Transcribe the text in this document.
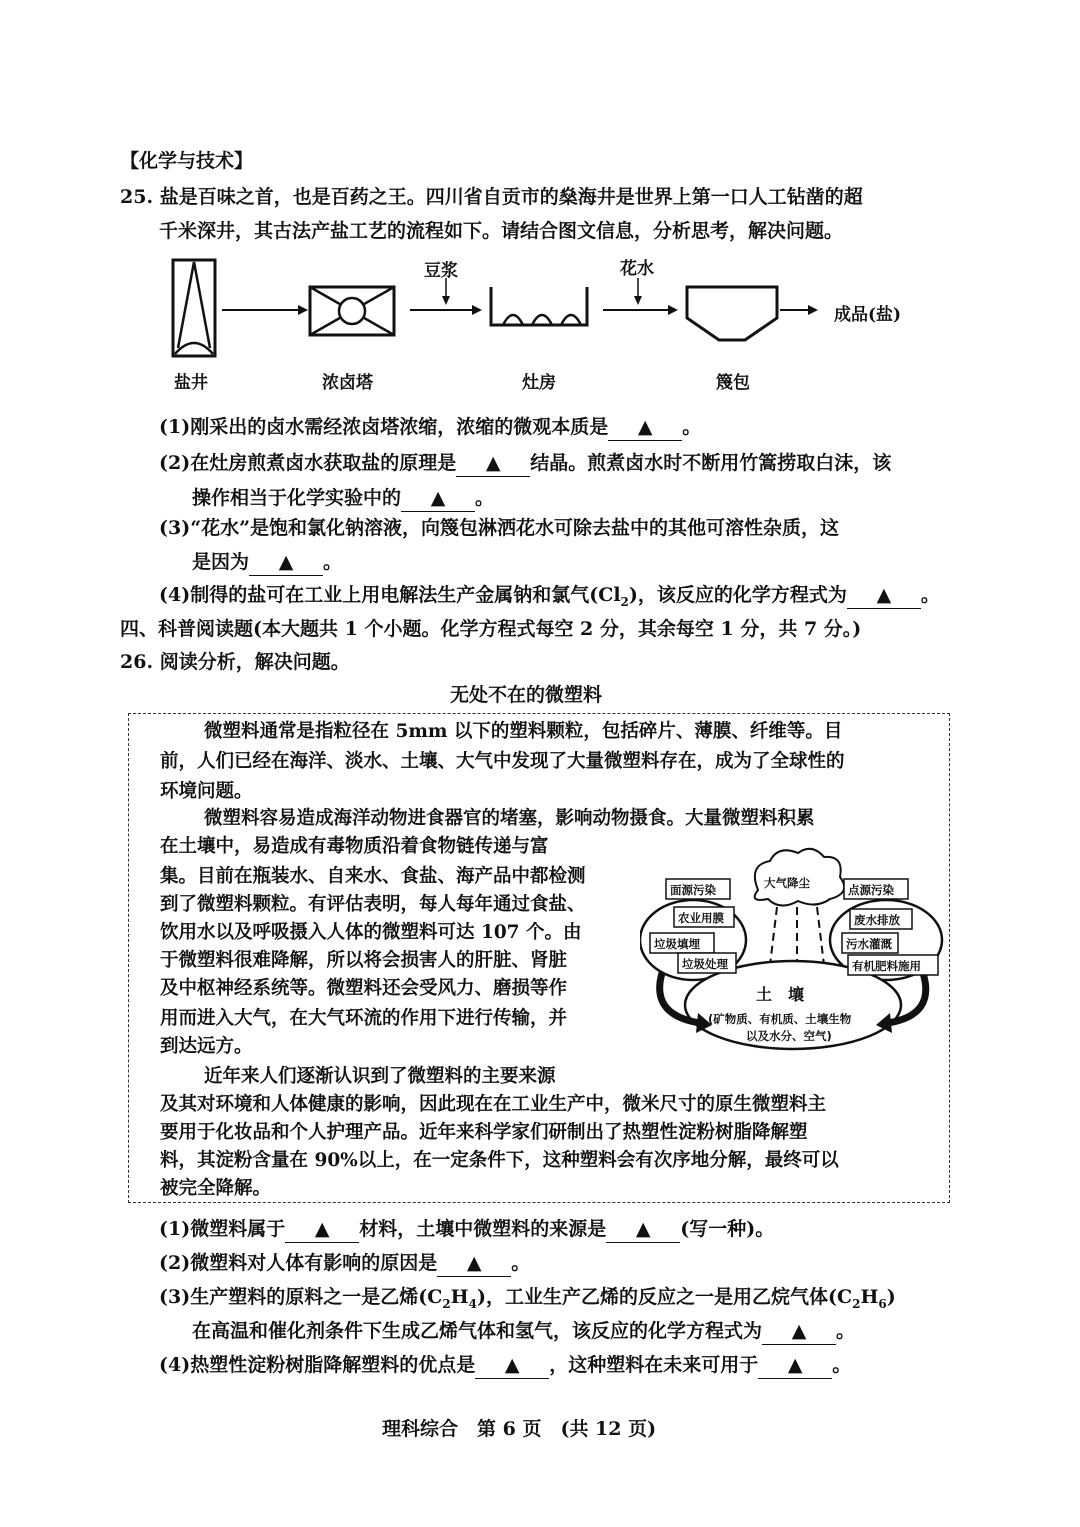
【化学与技术】
25. 盐是百味之首，也是百药之王。四川省自贡市的燊海井是世界上第一口人工钻凿的超
千米深井，其古法产盐工艺的流程如下。请结合图文信息，分析思考，解决问题。
豆浆	花水
成品(盐)
盐井	浓卤塔	灶房	篾包
(1)刚采出的卤水需经浓卤塔浓缩，浓缩的微观本质是 ▲ 。
(2)在灶房煎煮卤水获取盐的原理是 ▲ 结晶。煎煮卤水时不断用竹篙捞取白沫，该
操作相当于化学实验中的 ▲ 。
(3)“花水”是饱和氯化钠溶液，向篾包淋洒花水可除去盐中的其他可溶性杂质，这
是因为 ▲ 。
(4)制得的盐可在工业上用电解法生产金属钠和氯气$(Cl_2)$，该反应的化学方程式为 ▲ 。
四、科普阅读题(本大题共 1 个小题。化学方程式每空 2 分，其余每空 1 分，共 7 分。)
26. 阅读分析，解决问题。
无处不在的微塑料
微塑料通常是指粒径在 5mm 以下的塑料颗粒，包括碎片、薄膜、纤维等。目
前，人们已经在海洋、淡水、土壤、大气中发现了大量微塑料存在，成为了全球性的
环境问题。
微塑料容易造成海洋动物进食器官的堵塞，影响动物摄食。大量微塑料积累
在土壤中，易造成有毒物质沿着食物链传递与富
集。目前在瓶装水、自来水、食盐、海产品中都检测
到了微塑料颗粒。有评估表明，每人每年通过食盐、
饮用水以及呼吸摄入人体的微塑料可达 107 个。由
于微塑料很难降解，所以将会损害人的肝脏、肾脏
及中枢神经系统等。微塑料还会受风力、磨损等作
用而进入大气，在大气环流的作用下进行传输，并
到达远方。
近年来人们逐渐认识到了微塑料的主要来源
及其对环境和人体健康的影响，因此现在在工业生产中，微米尺寸的原生微塑料主
要用于化妆品和个人护理产品。近年来科学家们研制出了热塑性淀粉树脂降解塑
料，其淀粉含量在 90%以上，在一定条件下，这种塑料会有次序地分解，最终可以
被完全降解。
大气降尘
面源污染
农业用膜
垃圾填埋
垃圾处理
点源污染
废水排放
污水灌溉
有机肥料施用
土　壤
(矿物质、有机质、土壤生物
以及水分、空气)
(1)微塑料属于 ▲ 材料，土壤中微塑料的来源是 ▲ (写一种)。
(2)微塑料对人体有影响的原因是 ▲ 。
(3)生产塑料的原料之一是乙烯$(C_2H_4)$，工业生产乙烯的反应之一是用乙烷气体$(C_2H_6)$
在高温和催化剂条件下生成乙烯气体和氢气，该反应的化学方程式为 ▲ 。
(4)热塑性淀粉树脂降解塑料的优点是 ▲ ，这种塑料在未来可用于 ▲ 。
理科综合　第 6 页　(共 12 页)
